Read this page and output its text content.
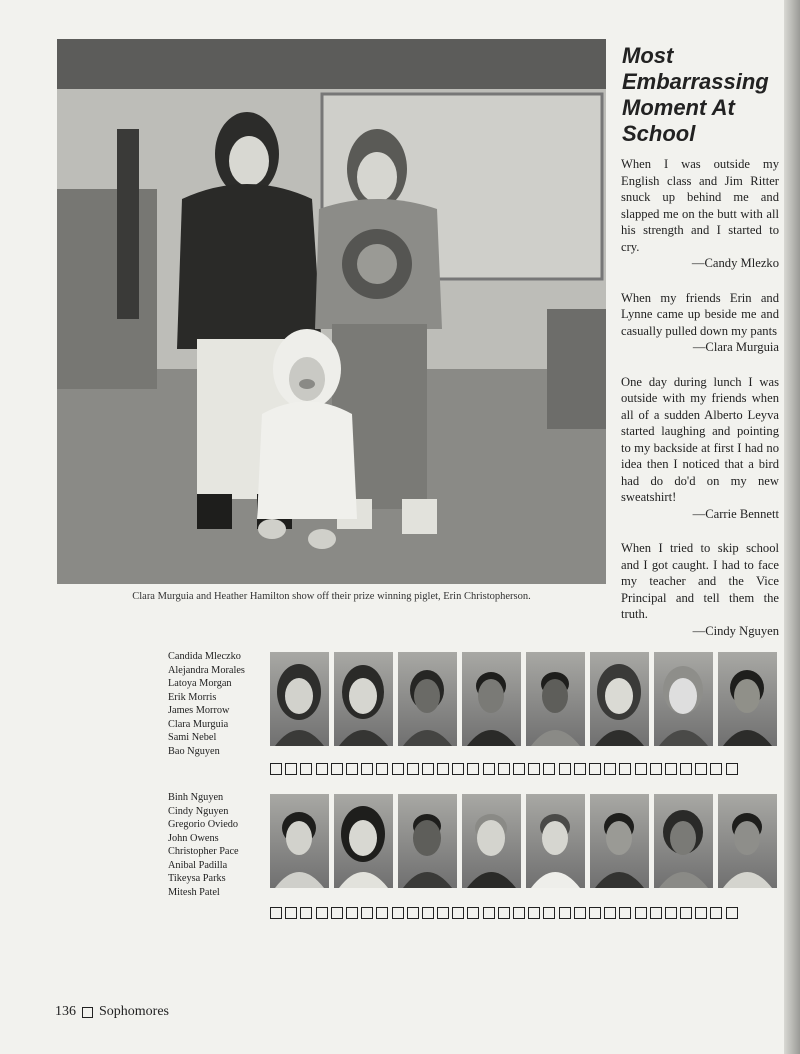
Clara Murguia and Heather Hamilton show off their prize winning piglet, Erin Christopherson.
Most
Embarrassing
Moment At
School
When I was outside my English class and Jim Ritter snuck up behind me and slapped me on the butt with all his strength and I started to cry.
—Candy Mlezko
When my friends Erin and Lynne came up beside me and casually pulled down my pants
—Clara Murguia
One day during lunch I was outside with my friends when all of a sudden Alberto Leyva started laughing and pointing to my backside at first I had no idea then I noticed that a bird had do do'd on my new sweatshirt!
—Carrie Bennett
When I tried to skip school and I got caught. I had to face my teacher and the Vice Principal and tell them the truth.
—Cindy Nguyen
Candida Mleczko
Alejandra Morales
Latoya Morgan
Erik Morris
James Morrow
Clara Murguia
Sami Nebel
Bao Nguyen
Binh Nguyen
Cindy Nguyen
Gregorio Oviedo
John Owens
Christopher Pace
Anibal Padilla
Tikeysa Parks
Mitesh Patel
136 Sophomores
